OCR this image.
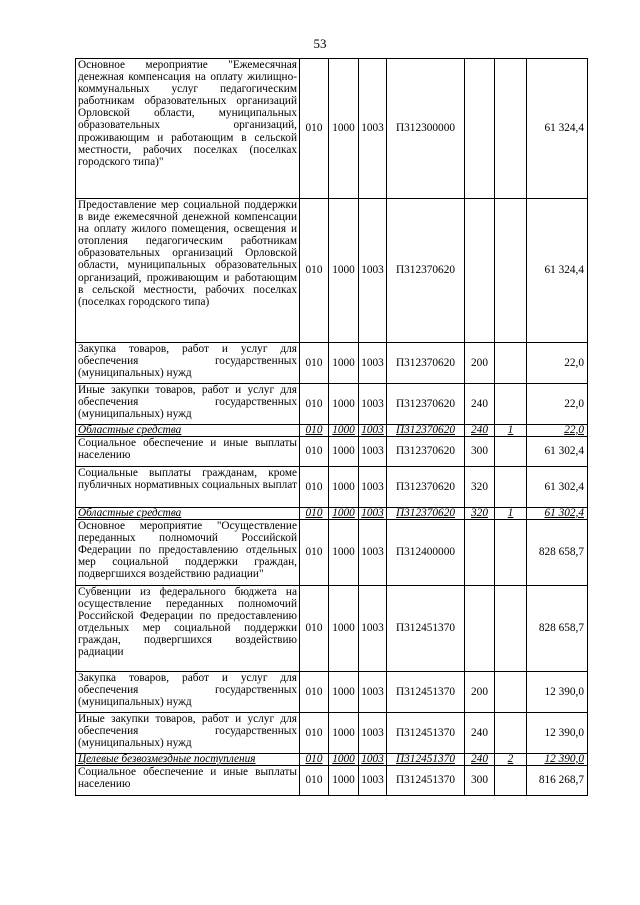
53
Основное мероприятие "Ежемесячная денежная компенсация на оплату жилищно-коммунальных услуг педагогическим работникам образовательных организаций Орловской области, муниципальных образовательных организаций, проживающим и работающим в сельской местности, рабочих поселках (поселках городского типа)"	010	1000	1003	П312300000			61 324,4
Предоставление мер социальной поддержки в виде ежемесячной денежной компенсации на оплату жилого помещения, освещения и отопления педагогическим работникам образовательных организаций Орловской области, муниципальных образовательных организаций, проживающим и работающим в сельской местности, рабочих поселках (поселках городского типа)	010	1000	1003	П312370620			61 324,4
Закупка товаров, работ и услуг для обеспечения государственных (муниципальных) нужд	010	1000	1003	П312370620	200		22,0
Иные закупки товаров, работ и услуг для обеспечения государственных (муниципальных) нужд	010	1000	1003	П312370620	240		22,0
Областные средства	010	1000	1003	П312370620	240	1	22,0
Социальное обеспечение и иные выплаты населению	010	1000	1003	П312370620	300		61 302,4
Социальные выплаты гражданам, кроме публичных нормативных социальных выплат	010	1000	1003	П312370620	320		61 302,4
Областные средства	010	1000	1003	П312370620	320	1	61 302,4
Основное мероприятие "Осуществление переданных полномочий Российской Федерации по предоставлению отдельных мер социальной поддержки граждан, подвергшихся воздействию радиации"	010	1000	1003	П312400000			828 658,7
Субвенции из федерального бюджета на осуществление переданных полномочий Российской Федерации по предоставлению отдельных мер социальной поддержки граждан, подвергшихся воздействию радиации	010	1000	1003	П312451370			828 658,7
Закупка товаров, работ и услуг для обеспечения государственных (муниципальных) нужд	010	1000	1003	П312451370	200		12 390,0
Иные закупки товаров, работ и услуг для обеспечения государственных (муниципальных) нужд	010	1000	1003	П312451370	240		12 390,0
Целевые безвозмездные поступления	010	1000	1003	П312451370	240	2	12 390,0
Социальное обеспечение и иные выплаты населению	010	1000	1003	П312451370	300		816 268,7
